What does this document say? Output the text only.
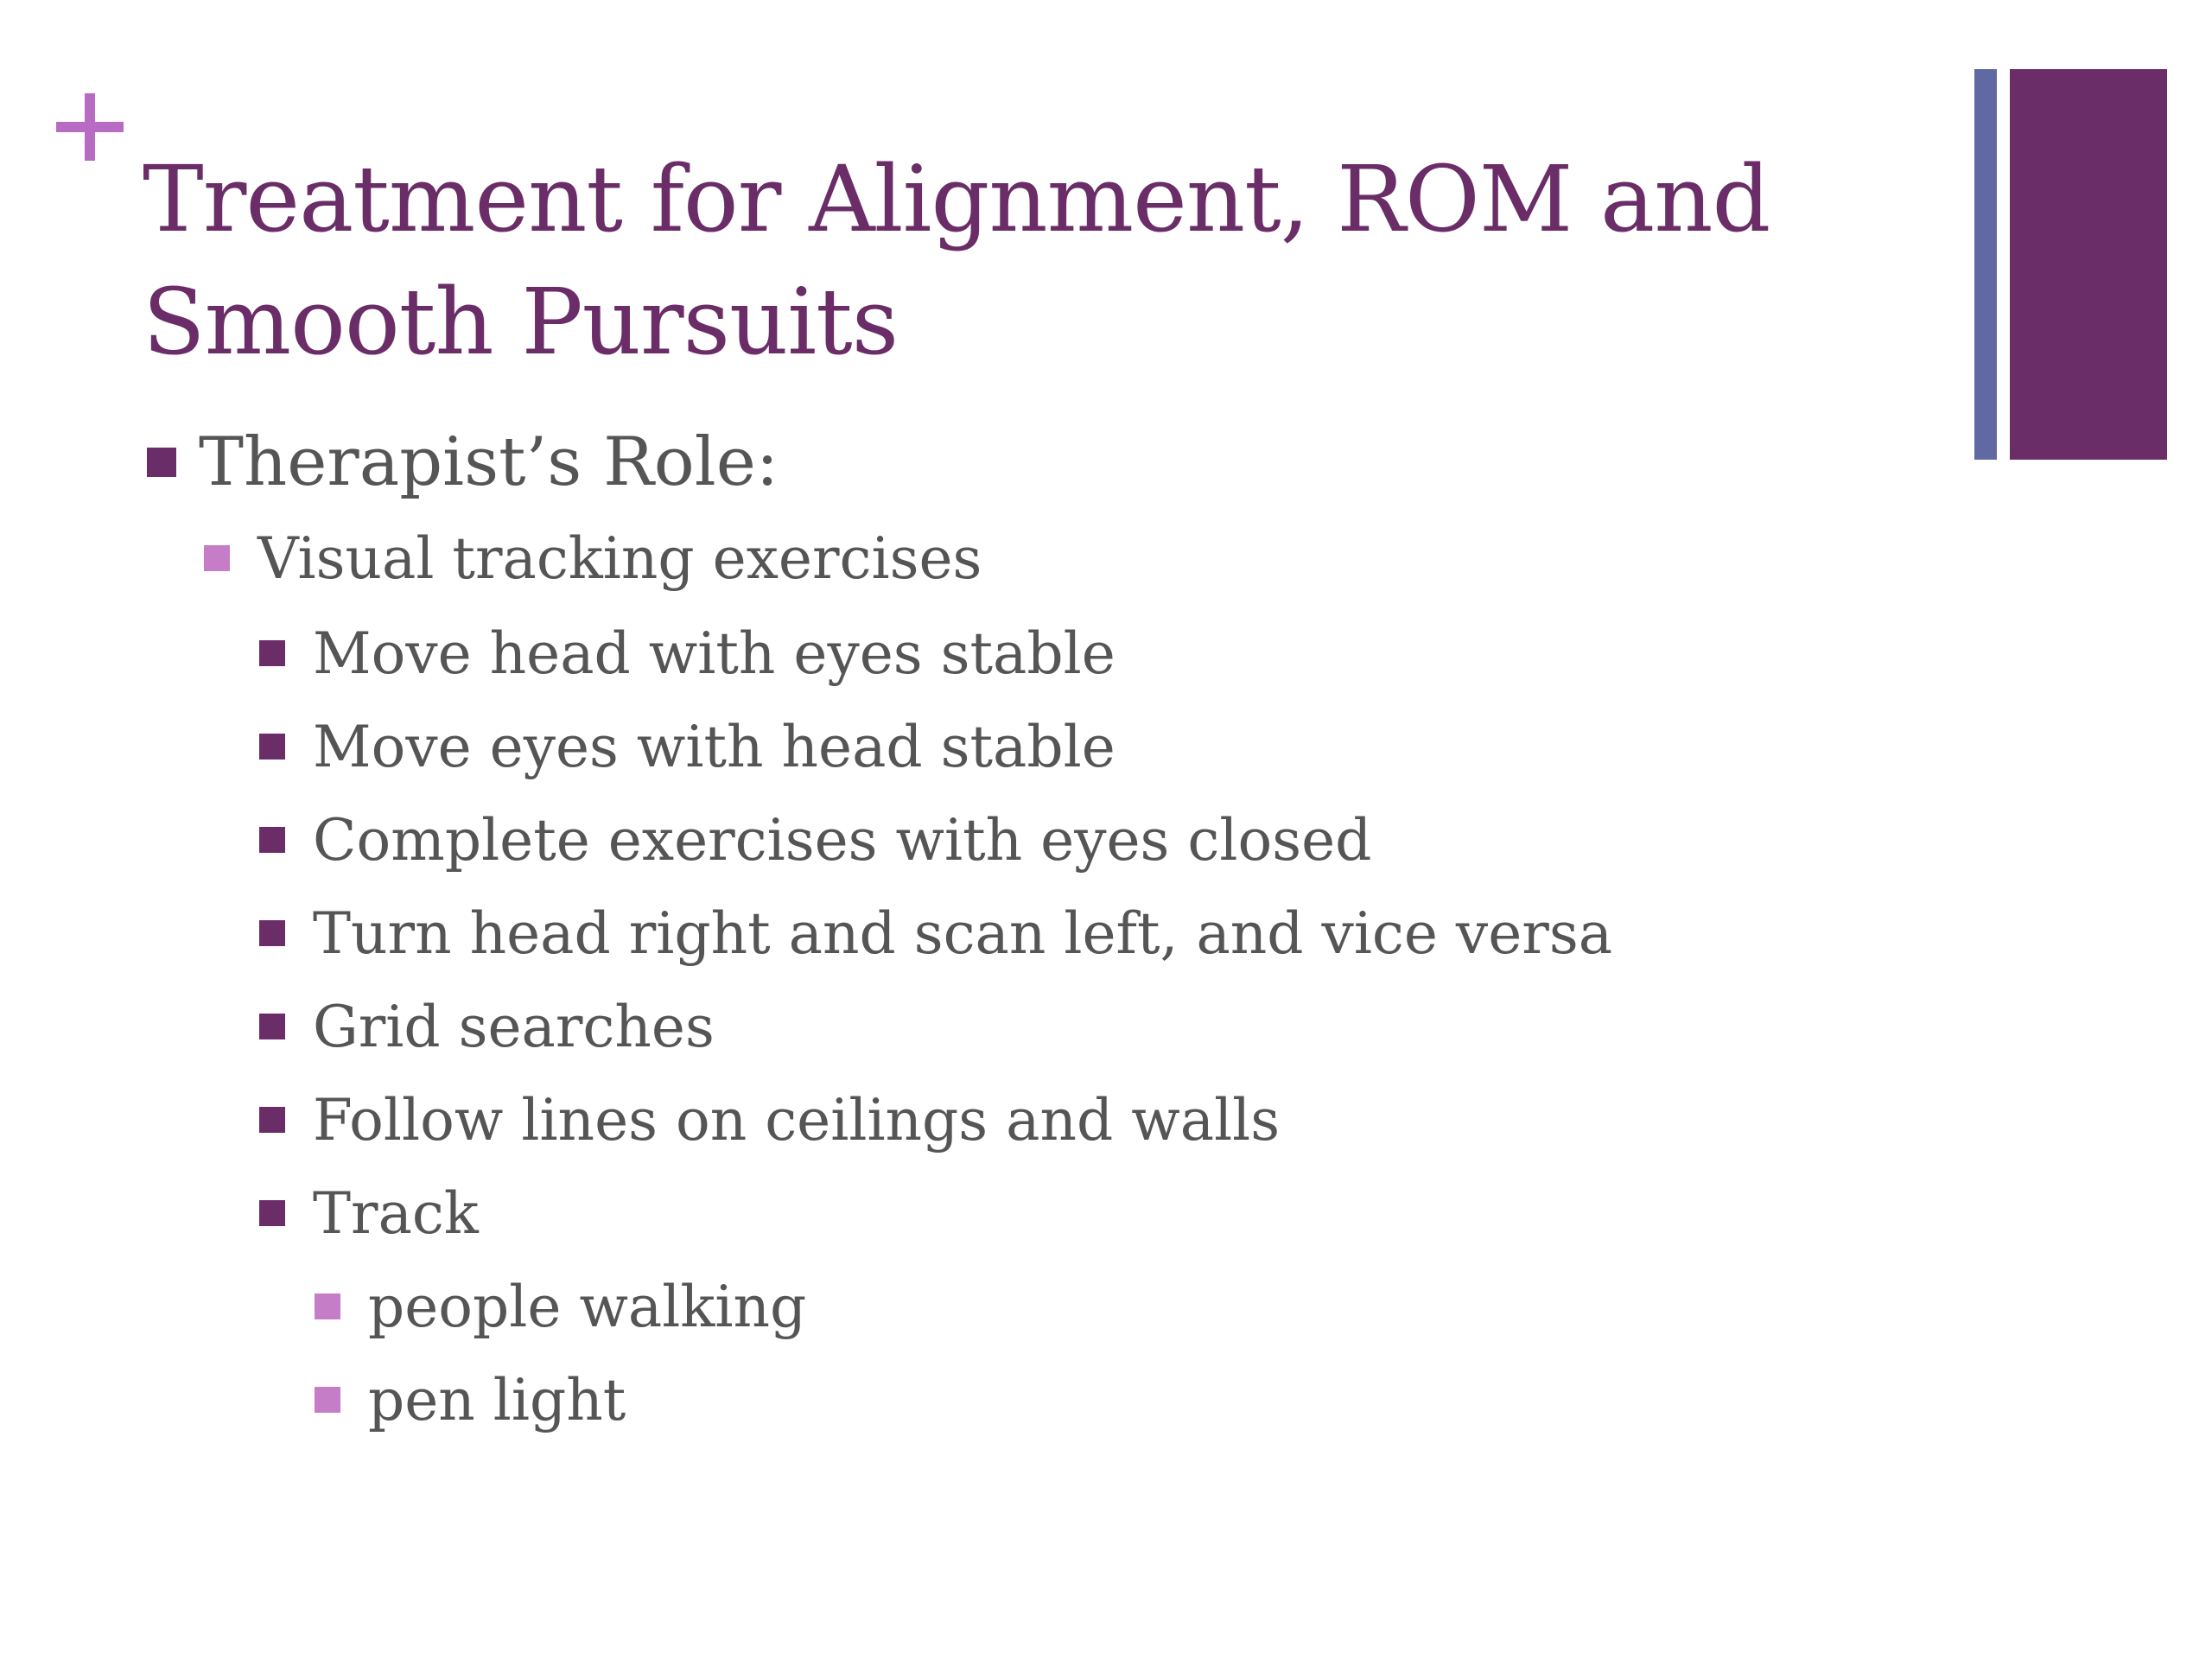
Treatment for Alignment, ROM and
Smooth Pursuits
Therapist’s Role:
Visual tracking exercises
Move head with eyes stable
Move eyes with head stable
Complete exercises with eyes closed
Turn head right and scan left, and vice versa
Grid searches
Follow lines on ceilings and walls
Track
people walking
pen light
